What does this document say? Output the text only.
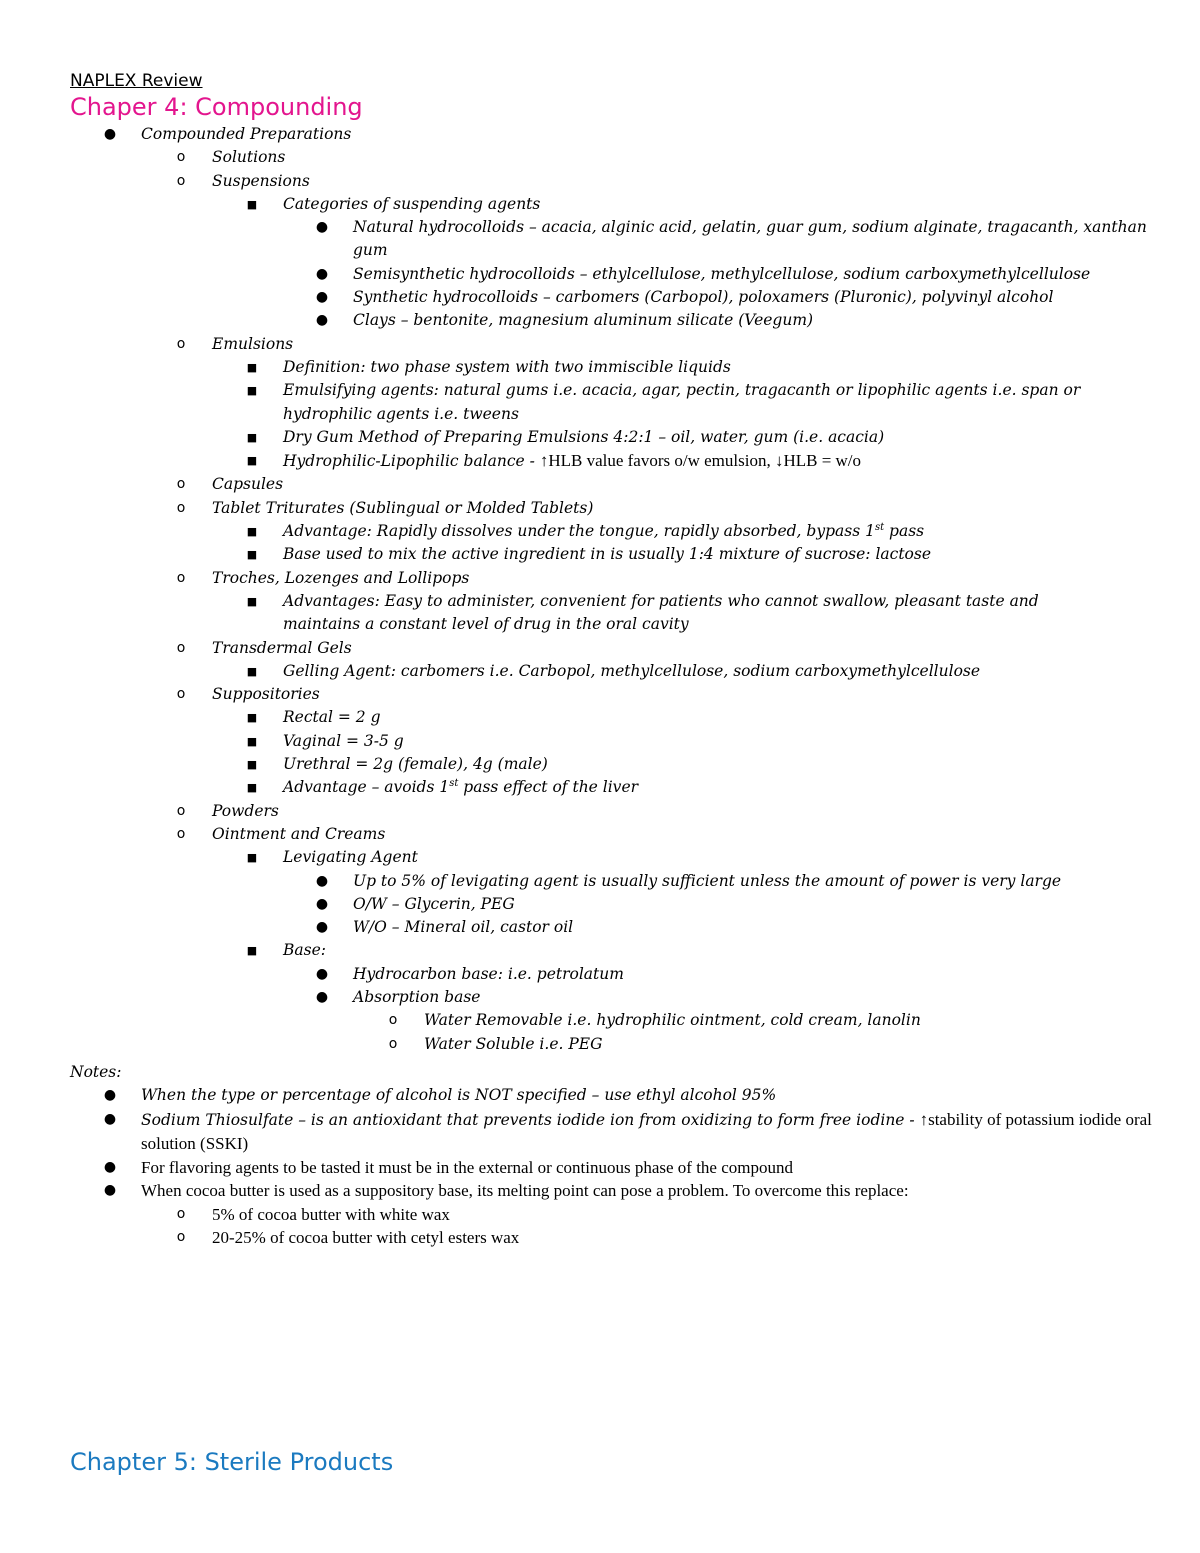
NAPLEX Review
Chaper 4: Compounding
● Compounded Preparations
o	Solutions
o	Suspensions
■	Categories of suspending agents
● Natural hydrocolloids – acacia, alginic acid, gelatin, guar gum, sodium alginate, tragacanth, xanthan gum
● Semisynthetic hydrocolloids – ethylcellulose, methylcellulose, sodium carboxymethylcellulose
● Synthetic hydrocolloids – carbomers (Carbopol), poloxamers (Pluronic), polyvinyl alcohol
● Clays – bentonite, magnesium aluminum silicate (Veegum)
o	Emulsions
■	Definition: two phase system with two immiscible liquids
■	Emulsifying agents: natural gums i.e. acacia, agar, pectin, tragacanth or lipophilic agents i.e. span or hydrophilic agents i.e. tweens
■	Dry Gum Method of Preparing Emulsions 4:2:1 – oil, water, gum (i.e. acacia)
■	Hydrophilic-Lipophilic balance - ↑HLB value favors o/w emulsion, ↓HLB = w/o
o	Capsules
o	Tablet Triturates (Sublingual or Molded Tablets)
■	Advantage: Rapidly dissolves under the tongue, rapidly absorbed, bypass 1st pass
■	Base used to mix the active ingredient in is usually 1:4 mixture of sucrose: lactose
o	Troches, Lozenges and Lollipops
■	Advantages: Easy to administer, convenient for patients who cannot swallow, pleasant taste and maintains a constant level of drug in the oral cavity
o	Transdermal Gels
■	Gelling Agent: carbomers i.e. Carbopol, methylcellulose, sodium carboxymethylcellulose
o	Suppositories
■	Rectal = 2 g
■	Vaginal = 3-5 g
■	Urethral = 2g (female), 4g (male)
■	Advantage – avoids 1st pass effect of the liver
o	Powders
o	Ointment and Creams
■	Levigating Agent
● Up to 5% of levigating agent is usually sufficient unless the amount of power is very large
● O/W – Glycerin, PEG
● W/O – Mineral oil, castor oil
■	Base:
● Hydrocarbon base: i.e. petrolatum
● Absorption base
o	Water Removable i.e. hydrophilic ointment, cold cream, lanolin
o	Water Soluble i.e. PEG
Notes:
● When the type or percentage of alcohol is NOT specified – use ethyl alcohol 95%
● Sodium Thiosulfate – is an antioxidant that prevents iodide ion from oxidizing to form free iodine - ↑stability of potassium iodide oral solution (SSKI)
● For flavoring agents to be tasted it must be in the external or continuous phase of the compound
● When cocoa butter is used as a suppository base, its melting point can pose a problem. To overcome this replace:
o	5% of cocoa butter with white wax
o	20-25% of cocoa butter with cetyl esters wax
Chapter 5: Sterile Products
